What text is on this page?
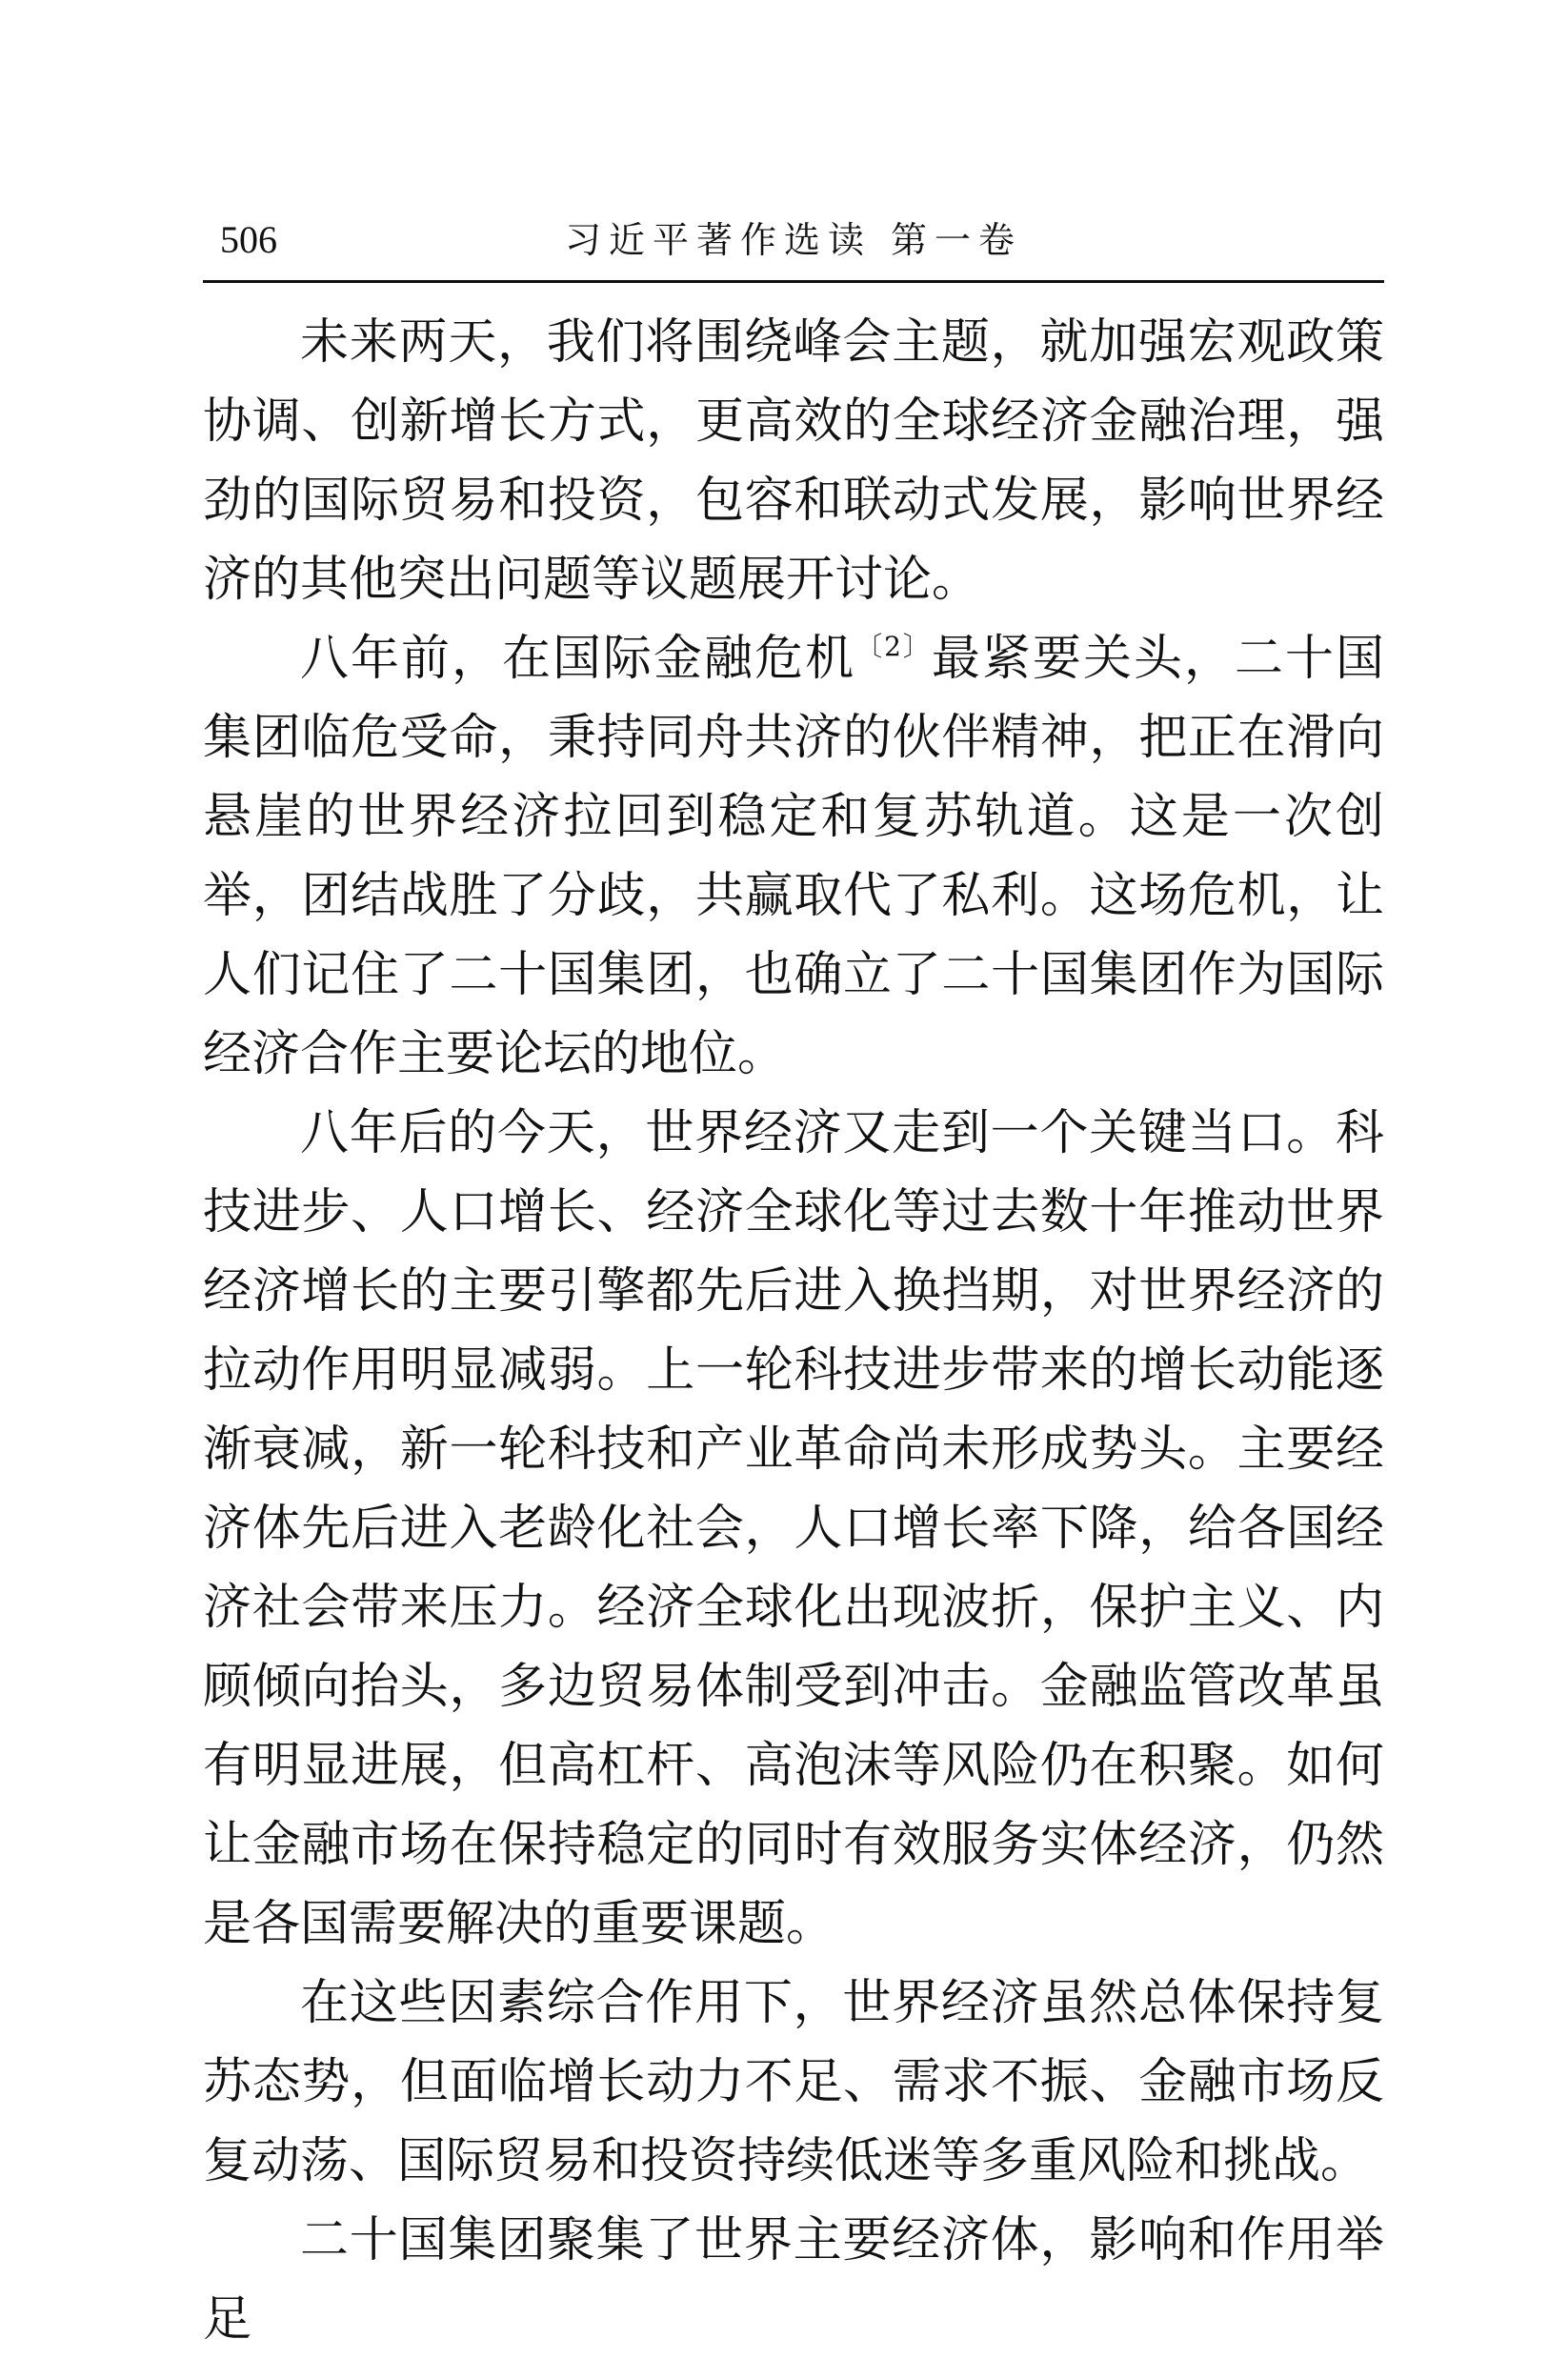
506	习近平著作选读 第一卷

未来两天，我们将围绕峰会主题，就加强宏观政策协调、创新增长方式，更高效的全球经济金融治理，强劲的国际贸易和投资，包容和联动式发展，影响世界经济的其他突出问题等议题展开讨论。

八年前，在国际金融危机$^{〔2〕}$最紧要关头，二十国集团临危受命，秉持同舟共济的伙伴精神，把正在滑向悬崖的世界经济拉回到稳定和复苏轨道。这是一次创举，团结战胜了分歧，共赢取代了私利。这场危机，让人们记住了二十国集团，也确立了二十国集团作为国际经济合作主要论坛的地位。

八年后的今天，世界经济又走到一个关键当口。科技进步、人口增长、经济全球化等过去数十年推动世界经济增长的主要引擎都先后进入换挡期，对世界经济的拉动作用明显减弱。上一轮科技进步带来的增长动能逐渐衰减，新一轮科技和产业革命尚未形成势头。主要经济体先后进入老龄化社会，人口增长率下降，给各国经济社会带来压力。经济全球化出现波折，保护主义、内顾倾向抬头，多边贸易体制受到冲击。金融监管改革虽有明显进展，但高杠杆、高泡沫等风险仍在积聚。如何让金融市场在保持稳定的同时有效服务实体经济，仍然是各国需要解决的重要课题。

在这些因素综合作用下，世界经济虽然总体保持复苏态势，但面临增长动力不足、需求不振、金融市场反复动荡、国际贸易和投资持续低迷等多重风险和挑战。

二十国集团聚集了世界主要经济体，影响和作用举足
